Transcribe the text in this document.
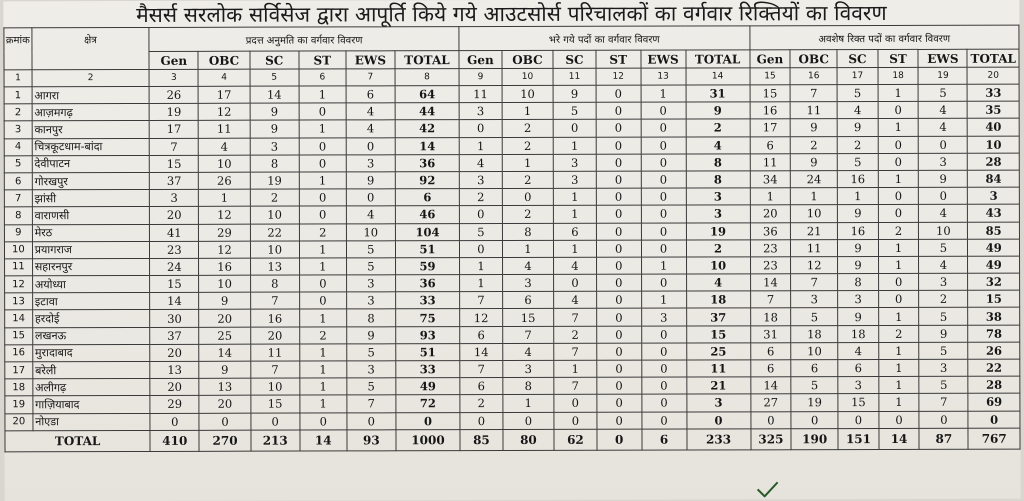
मैसर्स सरलोक सर्विसेज द्वारा आपूर्ति किये गये आउटसोर्स परिचालकों का वर्गवार रिक्तियों का विवरण
क्रमांक	क्षेत्र	प्रदत्त अनुमति का वर्गवार विवरण						भरे गये पदों का वर्गवार विवरण						अवशेष रिक्त पदों का वर्गवार विवरण					
		Gen	OBC	SC	ST	EWS	TOTAL	Gen	OBC	SC	ST	EWS	TOTAL	Gen	OBC	SC	ST	EWS	TOTAL
1	2	3	4	5	6	7	8	9	10	11	12	13	14	15	16	17	18	19	20
1	आगरा	26	17	14	1	6	64	11	10	9	0	1	31	15	7	5	1	5	33
2	आज़मगढ़	19	12	9	0	4	44	3	1	5	0	0	9	16	11	4	0	4	35
3	कानपुर	17	11	9	1	4	42	0	2	0	0	0	2	17	9	9	1	4	40
4	चित्रकूटधाम-बांदा	7	4	3	0	0	14	1	2	1	0	0	4	6	2	2	0	0	10
5	देवीपाटन	15	10	8	0	3	36	4	1	3	0	0	8	11	9	5	0	3	28
6	गोरखपुर	37	26	19	1	9	92	3	2	3	0	0	8	34	24	16	1	9	84
7	झांसी	3	1	2	0	0	6	2	0	1	0	0	3	1	1	1	0	0	3
8	वाराणसी	20	12	10	0	4	46	0	2	1	0	0	3	20	10	9	0	4	43
9	मेरठ	41	29	22	2	10	104	5	8	6	0	0	19	36	21	16	2	10	85
10	प्रयागराज	23	12	10	1	5	51	0	1	1	0	0	2	23	11	9	1	5	49
11	सहारनपुर	24	16	13	1	5	59	1	4	4	0	1	10	23	12	9	1	4	49
12	अयोध्या	15	10	8	0	3	36	1	3	0	0	0	4	14	7	8	0	3	32
13	इटावा	14	9	7	0	3	33	7	6	4	0	1	18	7	3	3	0	2	15
14	हरदोई	30	20	16	1	8	75	12	15	7	0	3	37	18	5	9	1	5	38
15	लखनऊ	37	25	20	2	9	93	6	7	2	0	0	15	31	18	18	2	9	78
16	मुरादाबाद	20	14	11	1	5	51	14	4	7	0	0	25	6	10	4	1	5	26
17	बरेली	13	9	7	1	3	33	7	3	1	0	0	11	6	6	6	1	3	22
18	अलीगढ़	20	13	10	1	5	49	6	8	7	0	0	21	14	5	3	1	5	28
19	गाज़ियाबाद	29	20	15	1	7	72	2	1	0	0	0	3	27	19	15	1	7	69
20	नोएडा	0	0	0	0	0	0	0	0	0	0	0	0	0	0	0	0	0	0
TOTAL		410	270	213	14	93	1000	85	80	62	0	6	233	325	190	151	14	87	767
